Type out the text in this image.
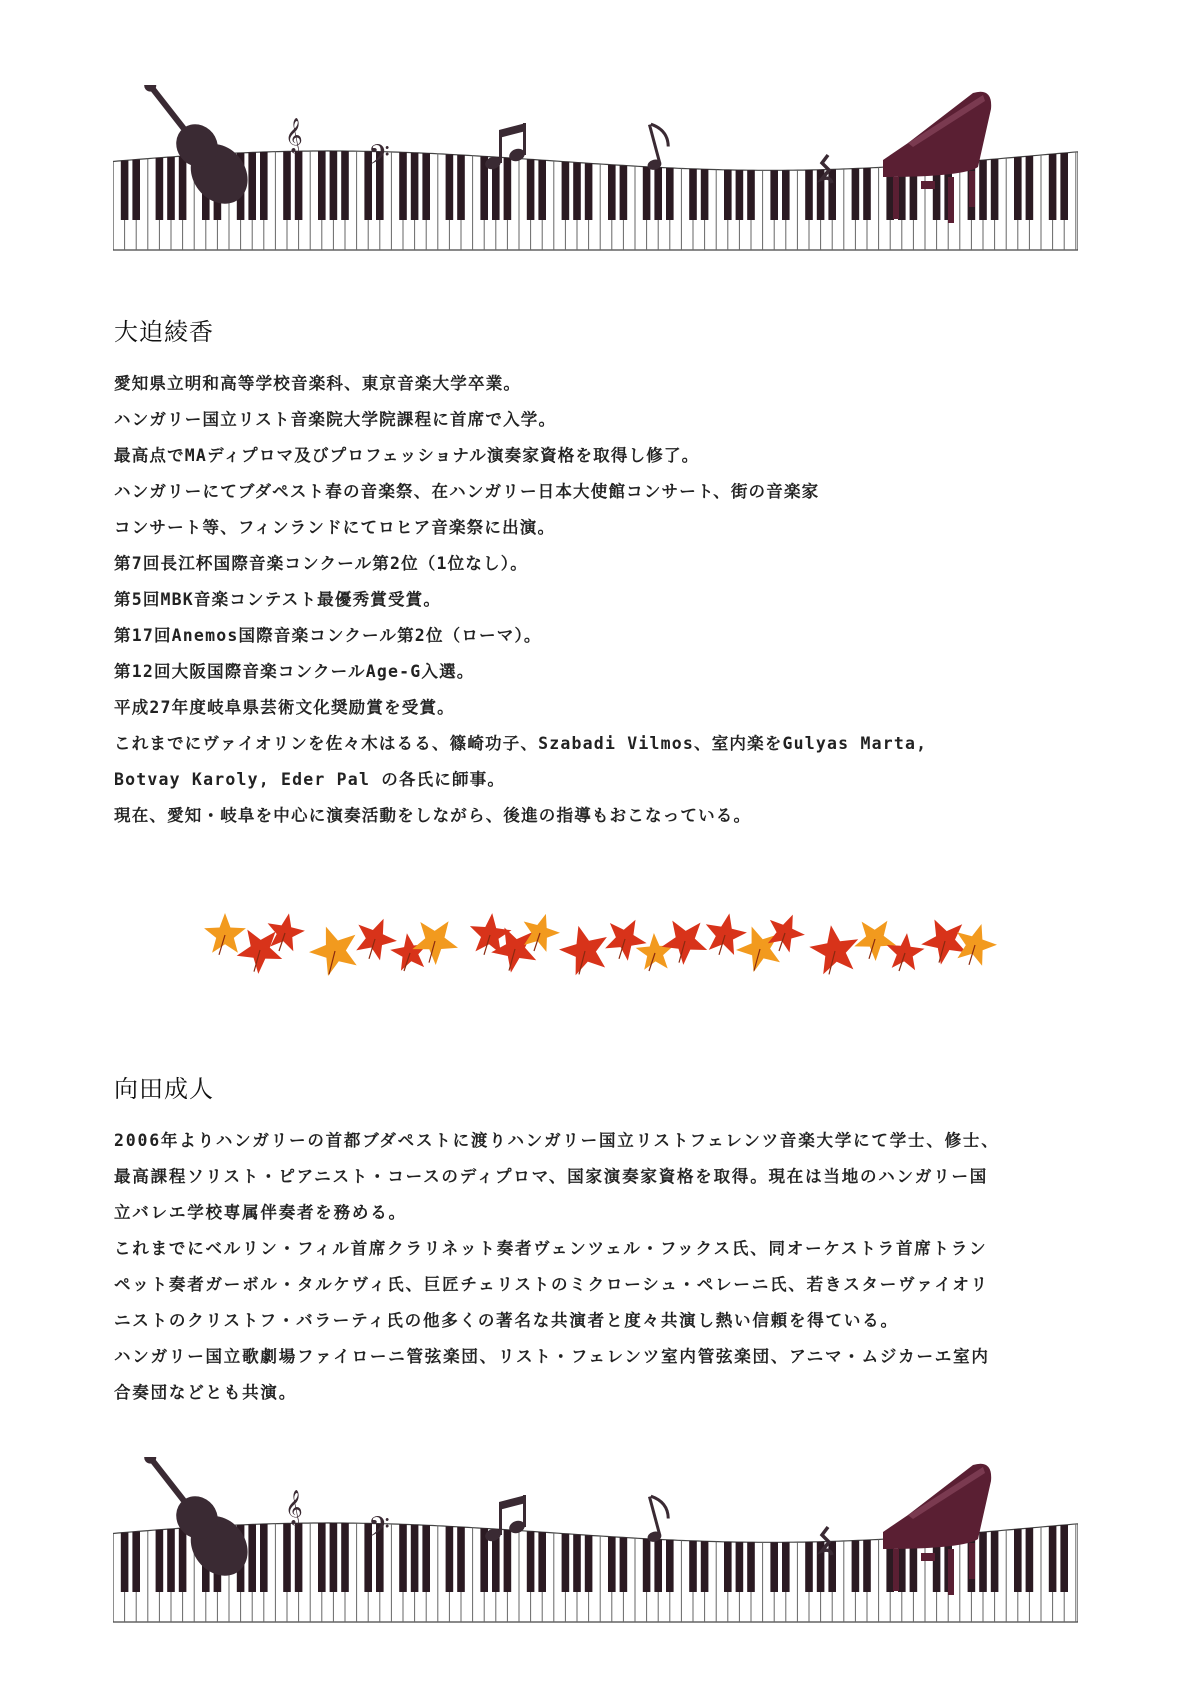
𝄞
𝄢
大迫綾香

愛知県立明和高等学校音楽科、東京音楽大学卒業。

ハンガリー国立リスト音楽院大学院課程に首席で入学。

最高点でMAディプロマ及びプロフェッショナル演奏家資格を取得し修了。

ハンガリーにてブダペスト春の音楽祭、在ハンガリー日本大使館コンサート、街の音楽家

コンサート等、フィンランドにてロヒア音楽祭に出演。

第7回長江杯国際音楽コンクール第2位（1位なし）。

第5回MBK音楽コンテスト最優秀賞受賞。

第17回Anemos国際音楽コンクール第2位（ローマ）。

第12回大阪国際音楽コンクールAge-G入選。

平成27年度岐阜県芸術文化奨励賞を受賞。

これまでにヴァイオリンを佐々木はるる、篠崎功子、Szabadi Vilmos、室内楽をGulyas Marta,

Botvay Karoly, Eder Pal の各氏に師事。

現在、愛知・岐阜を中心に演奏活動をしながら、後進の指導もおこなっている。

向田成人

2006年よりハンガリーの首都ブダペストに渡りハンガリー国立リストフェレンツ音楽大学にて学士、修士、

最高課程ソリスト・ピアニスト・コースのディプロマ、国家演奏家資格を取得。現在は当地のハンガリー国

立バレエ学校専属伴奏者を務める。

これまでにベルリン・フィル首席クラリネット奏者ヴェンツェル・フックス氏、同オーケストラ首席トラン

ペット奏者ガーボル・タルケヴィ氏、巨匠チェリストのミクローシュ・ペレーニ氏、若きスターヴァイオリ

ニストのクリストフ・バラーティ氏の他多くの著名な共演者と度々共演し熱い信頼を得ている。

ハンガリー国立歌劇場ファイローニ管弦楽団、リスト・フェレンツ室内管弦楽団、アニマ・ムジカーエ室内

合奏団などとも共演。

𝄞
𝄢
